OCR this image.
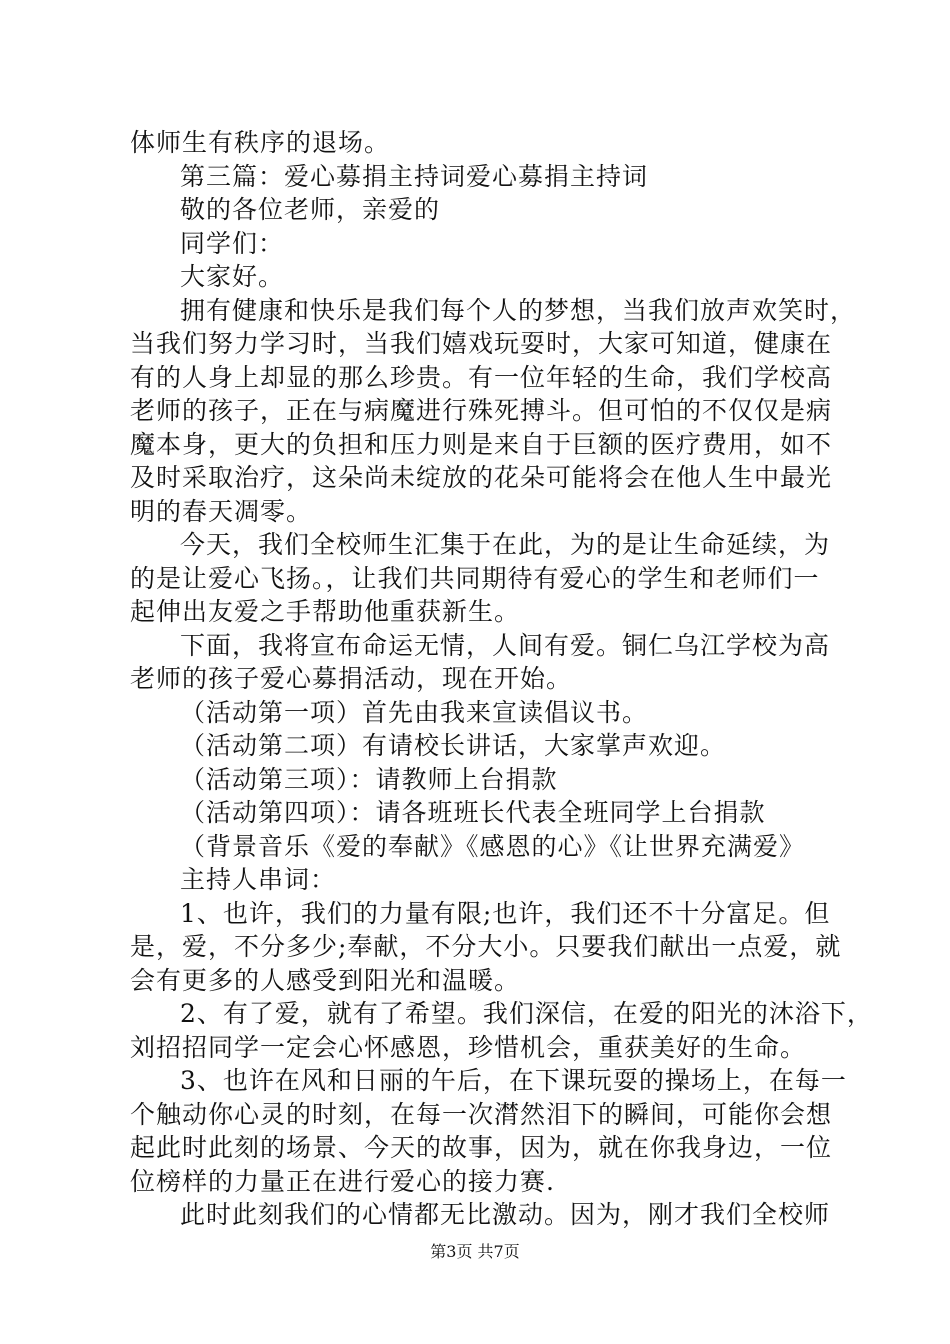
体师生有秩序的退场。
第三篇：爱心募捐主持词爱心募捐主持词
敬的各位老师，亲爱的
同学们：
大家好。
拥有健康和快乐是我们每个人的梦想，当我们放声欢笑时，
当我们努力学习时，当我们嬉戏玩耍时，大家可知道，健康在
有的人身上却显的那么珍贵。有一位年轻的生命，我们学校高
老师的孩子，正在与病魔进行殊死搏斗。但可怕的不仅仅是病
魔本身，更大的负担和压力则是来自于巨额的医疗费用，如不
及时采取治疗，这朵尚未绽放的花朵可能将会在他人生中最光
明的春天凋零。
今天，我们全校师生汇集于在此，为的是让生命延续，为
的是让爱心飞扬。，让我们共同期待有爱心的学生和老师们一
起伸出友爱之手帮助他重获新生。
下面，我将宣布命运无情，人间有爱。铜仁乌江学校为高
老师的孩子爱心募捐活动，现在开始。
（活动第一项）首先由我来宣读倡议书。
（活动第二项）有请校长讲话，大家掌声欢迎。
（活动第三项）：请教师上台捐款
（活动第四项）：请各班班长代表全班同学上台捐款
（背景音乐《爱的奉献》《感恩的心》《让世界充满爱》
主持人串词：
1、也许，我们的力量有限;也许，我们还不十分富足。但
是，爱，不分多少;奉献，不分大小。只要我们献出一点爱，就
会有更多的人感受到阳光和温暖。
2、有了爱，就有了希望。我们深信，在爱的阳光的沐浴下，
刘招招同学一定会心怀感恩，珍惜机会，重获美好的生命。
3、也许在风和日丽的午后，在下课玩耍的操场上，在每一
个触动你心灵的时刻，在每一次潸然泪下的瞬间，可能你会想
起此时此刻的场景、今天的故事，因为，就在你我身边，一位
位榜样的力量正在进行爱心的接力赛.
此时此刻我们的心情都无比激动。因为，刚才我们全校师
第3页 共7页
